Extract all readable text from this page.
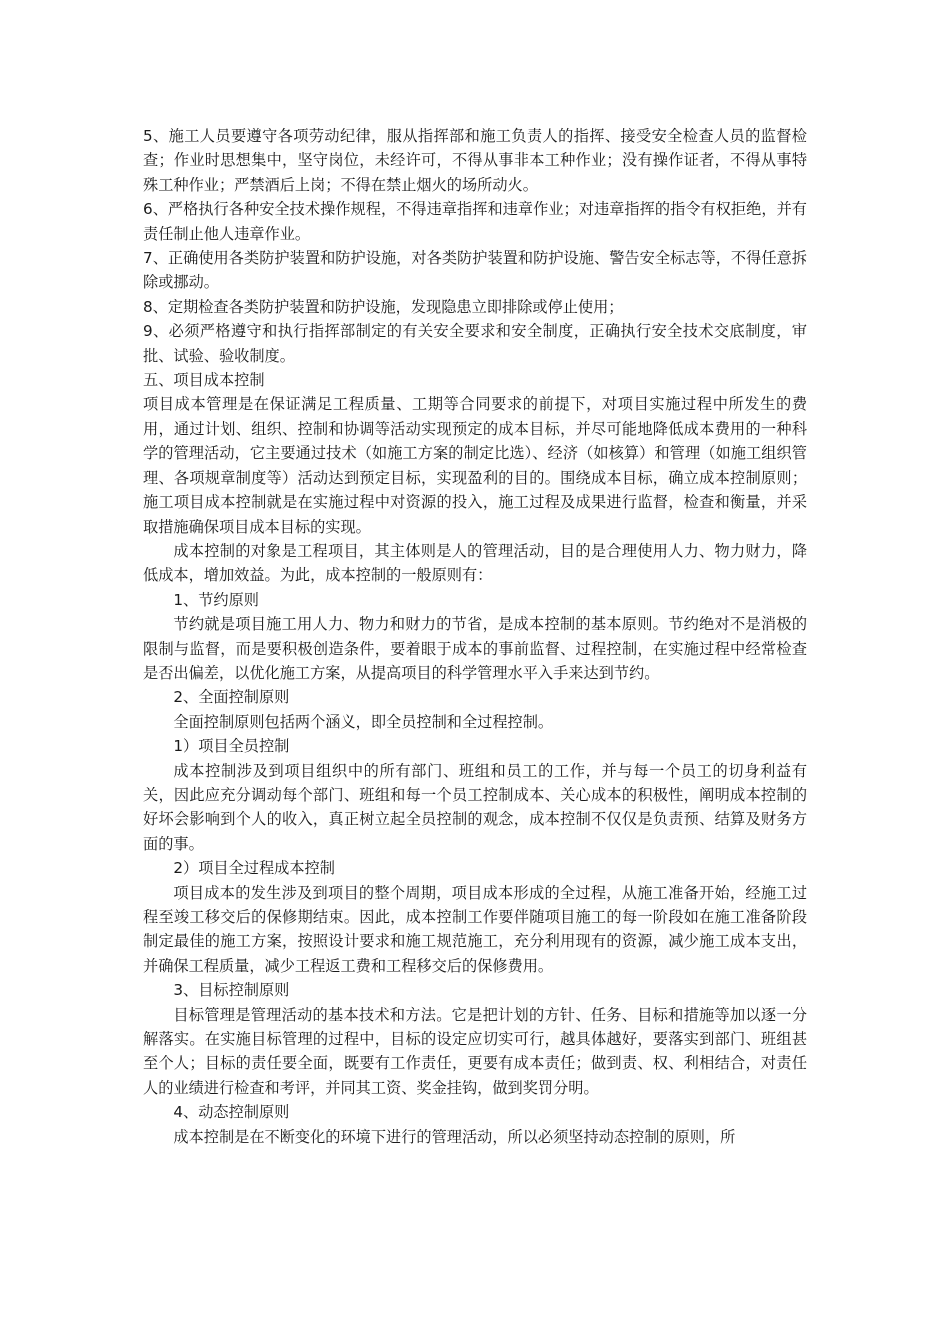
5、施工人员要遵守各项劳动纪律，服从指挥部和施工负责人的指挥、接受安全检查人员的监督检查；作业时思想集中，坚守岗位，未经许可，不得从事非本工种作业；没有操作证者，不得从事特殊工种作业；严禁酒后上岗；不得在禁止烟火的场所动火。

6、严格执行各种安全技术操作规程，不得违章指挥和违章作业；对违章指挥的指令有权拒绝，并有责任制止他人违章作业。

7、正确使用各类防护装置和防护设施，对各类防护装置和防护设施、警告安全标志等，不得任意拆除或挪动。

8、定期检查各类防护装置和防护设施，发现隐患立即排除或停止使用；

9、必须严格遵守和执行指挥部制定的有关安全要求和安全制度，正确执行安全技术交底制度，审批、试验、验收制度。

五、项目成本控制

项目成本管理是在保证满足工程质量、工期等合同要求的前提下，对项目实施过程中所发生的费用，通过计划、组织、控制和协调等活动实现预定的成本目标，并尽可能地降低成本费用的一种科学的管理活动，它主要通过技术（如施工方案的制定比选）、经济（如核算）和管理（如施工组织管理、各项规章制度等）活动达到预定目标，实现盈利的目的。围绕成本目标，确立成本控制原则；施工项目成本控制就是在实施过程中对资源的投入，施工过程及成果进行监督，检查和衡量，并采取措施确保项目成本目标的实现。

成本控制的对象是工程项目，其主体则是人的管理活动，目的是合理使用人力、物力财力，降低成本，增加效益。为此，成本控制的一般原则有：

1、节约原则

节约就是项目施工用人力、物力和财力的节省，是成本控制的基本原则。节约绝对不是消极的限制与监督，而是要积极创造条件，要着眼于成本的事前监督、过程控制，在实施过程中经常检查是否出偏差，以优化施工方案，从提高项目的科学管理水平入手来达到节约。

2、全面控制原则

全面控制原则包括两个涵义，即全员控制和全过程控制。

1）项目全员控制

成本控制涉及到项目组织中的所有部门、班组和员工的工作，并与每一个员工的切身利益有关，因此应充分调动每个部门、班组和每一个员工控制成本、关心成本的积极性，阐明成本控制的好坏会影响到个人的收入，真正树立起全员控制的观念，成本控制不仅仅是负责预、结算及财务方面的事。

2）项目全过程成本控制

项目成本的发生涉及到项目的整个周期，项目成本形成的全过程，从施工准备开始，经施工过程至竣工移交后的保修期结束。因此，成本控制工作要伴随项目施工的每一阶段如在施工准备阶段制定最佳的施工方案，按照设计要求和施工规范施工，充分利用现有的资源，减少施工成本支出，并确保工程质量，减少工程返工费和工程移交后的保修费用。

3、目标控制原则

目标管理是管理活动的基本技术和方法。它是把计划的方针、任务、目标和措施等加以逐一分解落实。在实施目标管理的过程中，目标的设定应切实可行，越具体越好，要落实到部门、班组甚至个人；目标的责任要全面，既要有工作责任，更要有成本责任；做到责、权、利相结合，对责任人的业绩进行检查和考评，并同其工资、奖金挂钩，做到奖罚分明。

4、动态控制原则

成本控制是在不断变化的环境下进行的管理活动，所以必须坚持动态控制的原则，所
